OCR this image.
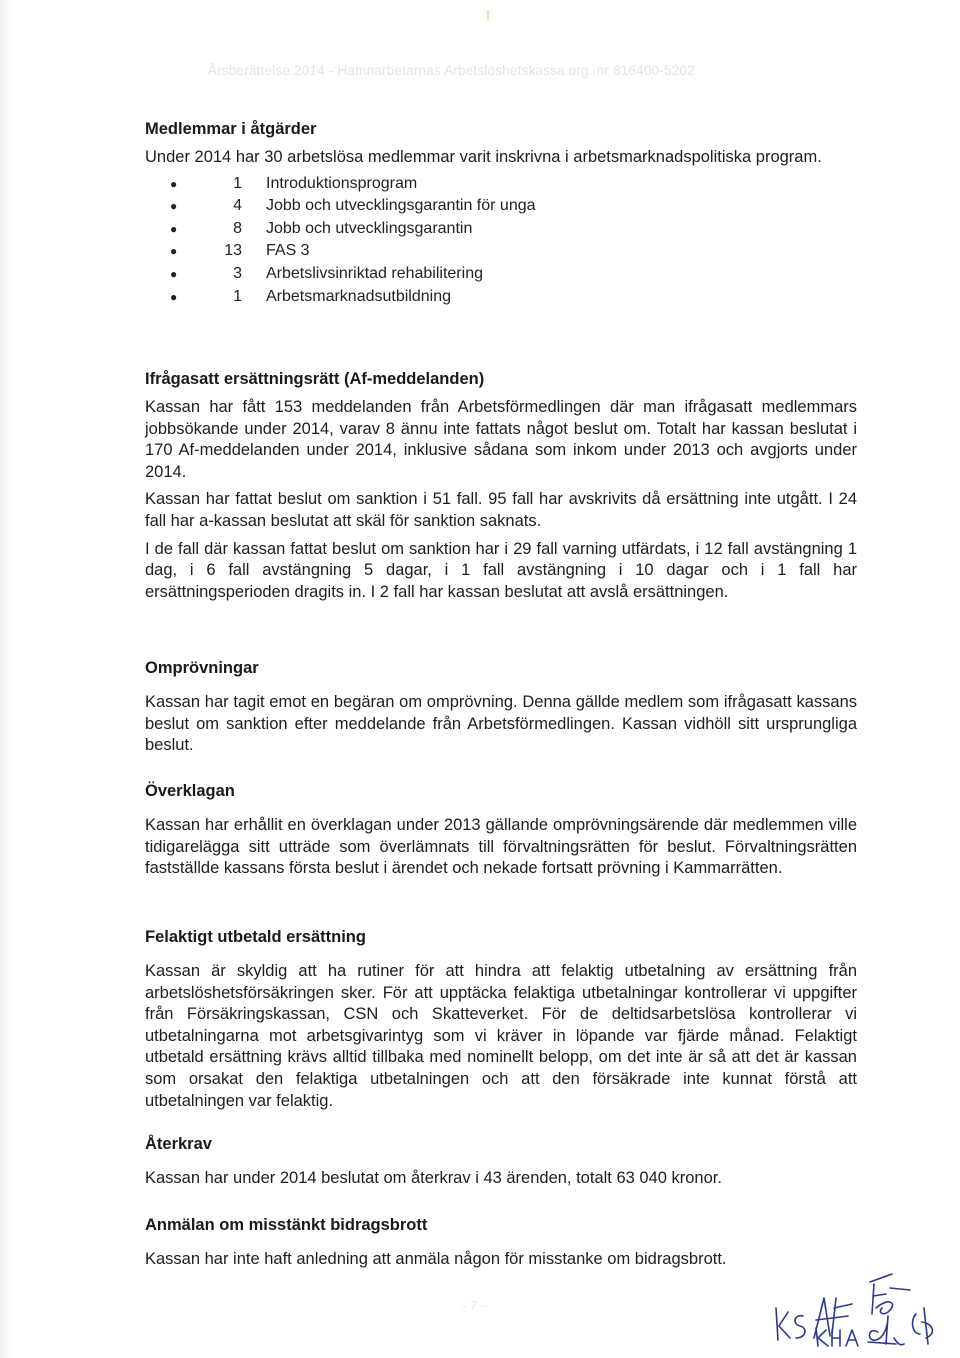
Årsberättelse 2014 - Hamnarbetarnas Arbetslöshetskassa org. nr 816400-5202
Medlemmar i åtgärder

Under 2014 har 30 arbetslösa medlemmar varit inskrivna i arbetsmarknadspolitiska program.

●	1	Introduktionsprogram
●	4	Jobb och utvecklingsgarantin för unga
●	8	Jobb och utvecklingsgarantin
●	13	FAS 3
●	3	Arbetslivsinriktad rehabilitering
●	1	Arbetsmarknadsutbildning
Ifrågasatt ersättningsrätt (Af-meddelanden)

Kassan har fått 153 meddelanden från Arbetsförmedlingen där man ifrågasatt medlemmars jobbsökande under 2014, varav 8 ännu inte fattats något beslut om. Totalt har kassan beslutat i 170 Af-meddelanden under 2014, inklusive sådana som inkom under 2013 och avgjorts under 2014.

Kassan har fattat beslut om sanktion i 51 fall. 95 fall har avskrivits då ersättning inte utgått. I 24 fall har a-kassan beslutat att skäl för sanktion saknats.

I de fall där kassan fattat beslut om sanktion har i 29 fall varning utfärdats, i 12 fall avstängning 1 dag, i 6 fall avstängning 5 dagar, i 1 fall avstängning i 10 dagar och i 1 fall har ersättningsperioden dragits in. I 2 fall har kassan beslutat att avslå ersättningen.

Omprövningar

Kassan har tagit emot en begäran om omprövning. Denna gällde medlem som ifrågasatt kassans beslut om sanktion efter meddelande från Arbetsförmedlingen. Kassan vidhöll sitt ursprungliga beslut.

Överklagan

Kassan har erhållit en överklagan under 2013 gällande omprövningsärende där medlemmen ville tidigarelägga sitt utträde som överlämnats till förvaltningsrätten för beslut. Förvaltningsrätten fastställde kassans första beslut i ärendet och nekade fortsatt prövning i Kammarrätten.

Felaktigt utbetald ersättning

Kassan är skyldig att ha rutiner för att hindra att felaktig utbetalning av ersättning från arbetslöshetsförsäkringen sker. För att upptäcka felaktiga utbetalningar kontrollerar vi uppgifter från Försäkringskassan, CSN och Skatteverket. För de deltidsarbetslösa kontrollerar vi utbetalningarna mot arbetsgivarintyg som vi kräver in löpande var fjärde månad. Felaktigt utbetald ersättning krävs alltid tillbaka med nominellt belopp, om det inte är så att det är kassan som orsakat den felaktiga utbetalningen och att den försäkrade inte kunnat förstå att utbetalningen var felaktig.

Återkrav

Kassan har under 2014 beslutat om återkrav i 43 ärenden, totalt 63 040 kronor.

Anmälan om misstänkt bidragsbrott

Kassan har inte haft anledning att anmäla någon för misstanke om bidragsbrott.

- 7 -
